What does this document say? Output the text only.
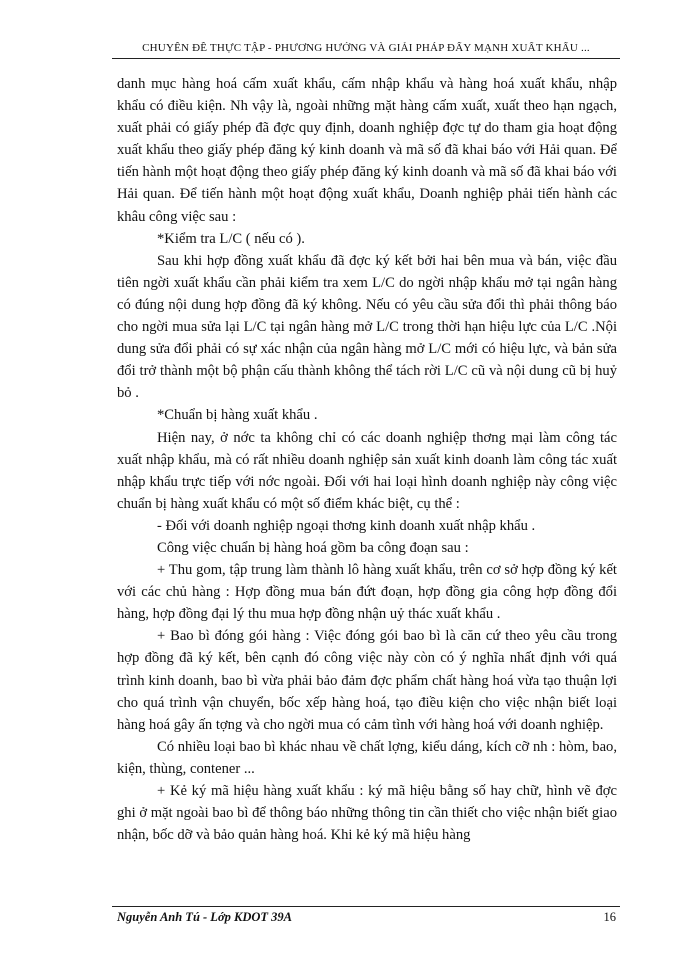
CHUYÊN ĐỀ THỰC TẬP - PHƯƠNG HƯỚNG VÀ GIẢI PHÁP ĐẨY MẠNH XUẤT KHẨU ...

danh mục hàng hoá cấm xuất khẩu, cấm nhập khẩu và hàng hoá xuất khẩu, nhập khẩu có điều kiện. Nh vậy là, ngoài những mặt hàng cấm xuất, xuất theo hạn ngạch, xuất phải có giấy phép đã đợc quy định, doanh nghiệp đợc tự do tham gia hoạt động xuất khẩu theo giấy phép đăng ký kinh doanh và mã số đã khai báo với Hải quan. Để tiến hành một hoạt động theo giấy phép đăng ký kinh doanh và mã số đã khai báo với Hải quan. Để tiến hành một hoạt động xuất khẩu, Doanh nghiệp phải tiến hành các khâu công việc sau :

*Kiểm tra L/C ( nếu có ).

Sau khi hợp đồng xuất khẩu đã đợc ký kết bởi hai bên mua và bán, việc đầu tiên ngời xuất khẩu cần phải kiểm tra xem L/C do ngời nhập khẩu mở tại ngân hàng có đúng nội dung hợp đồng đã ký không. Nếu có yêu cầu sửa đổi thì phải thông báo cho ngời mua sửa lại L/C tại ngân hàng mở L/C trong thời hạn hiệu lực của L/C .Nội dung sửa đổi phải có sự xác nhận của ngân hàng mở L/C mới có hiệu lực, và bản sửa đổi trở thành một bộ phận cấu thành không thể tách rời L/C cũ và nội dung cũ bị huỷ bỏ .

*Chuẩn bị hàng xuất khẩu .

Hiện nay, ở nớc ta không chỉ có các doanh nghiệp thơng mại làm công tác xuất nhập khẩu, mà có rất nhiều doanh nghiệp sản xuất kinh doanh làm công tác xuất nhập khẩu trực tiếp với nớc ngoài. Đối với hai loại hình doanh nghiệp này công việc chuẩn bị hàng xuất khẩu có một số điểm khác biệt, cụ thể :

- Đối với doanh nghiệp ngoại thơng kinh doanh xuất nhập khẩu .

Công việc chuẩn bị hàng hoá gồm ba công đoạn sau :

+ Thu gom, tập trung làm thành lô hàng xuất khẩu, trên cơ sở hợp đồng ký kết với các chủ hàng : Hợp đồng mua bán đứt đoạn, hợp đồng gia công hợp đồng đổi hàng, hợp đồng đại lý thu mua hợp đồng nhận uỷ thác xuất khẩu .

+ Bao bì đóng gói hàng : Việc đóng gói bao bì là căn cứ theo yêu cầu trong hợp đồng đã ký kết, bên cạnh đó công việc này còn có ý nghĩa nhất định với quá trình kinh doanh, bao bì vừa phải bảo đảm đợc phẩm chất hàng hoá vừa tạo thuận lợi cho quá trình vận chuyển, bốc xếp hàng hoá, tạo điều kiện cho việc nhận biết loại hàng hoá gây ấn tợng và cho ngời mua có cảm tình với hàng hoá với doanh nghiệp.

Có nhiều loại bao bì khác nhau về chất lợng, kiểu dáng, kích cỡ nh : hòm, bao, kiện, thùng, contener ...

+ Kẻ ký mã hiệu hàng xuất khẩu : ký mã hiệu bằng số hay chữ, hình vẽ đợc ghi ở mặt ngoài bao bì để thông báo những thông tin cần thiết cho việc nhận biết giao nhận, bốc dỡ và bảo quản hàng hoá. Khi kẻ ký mã hiệu hàng

Nguyễn Anh Tú - Lớp KDOT 39A	16
